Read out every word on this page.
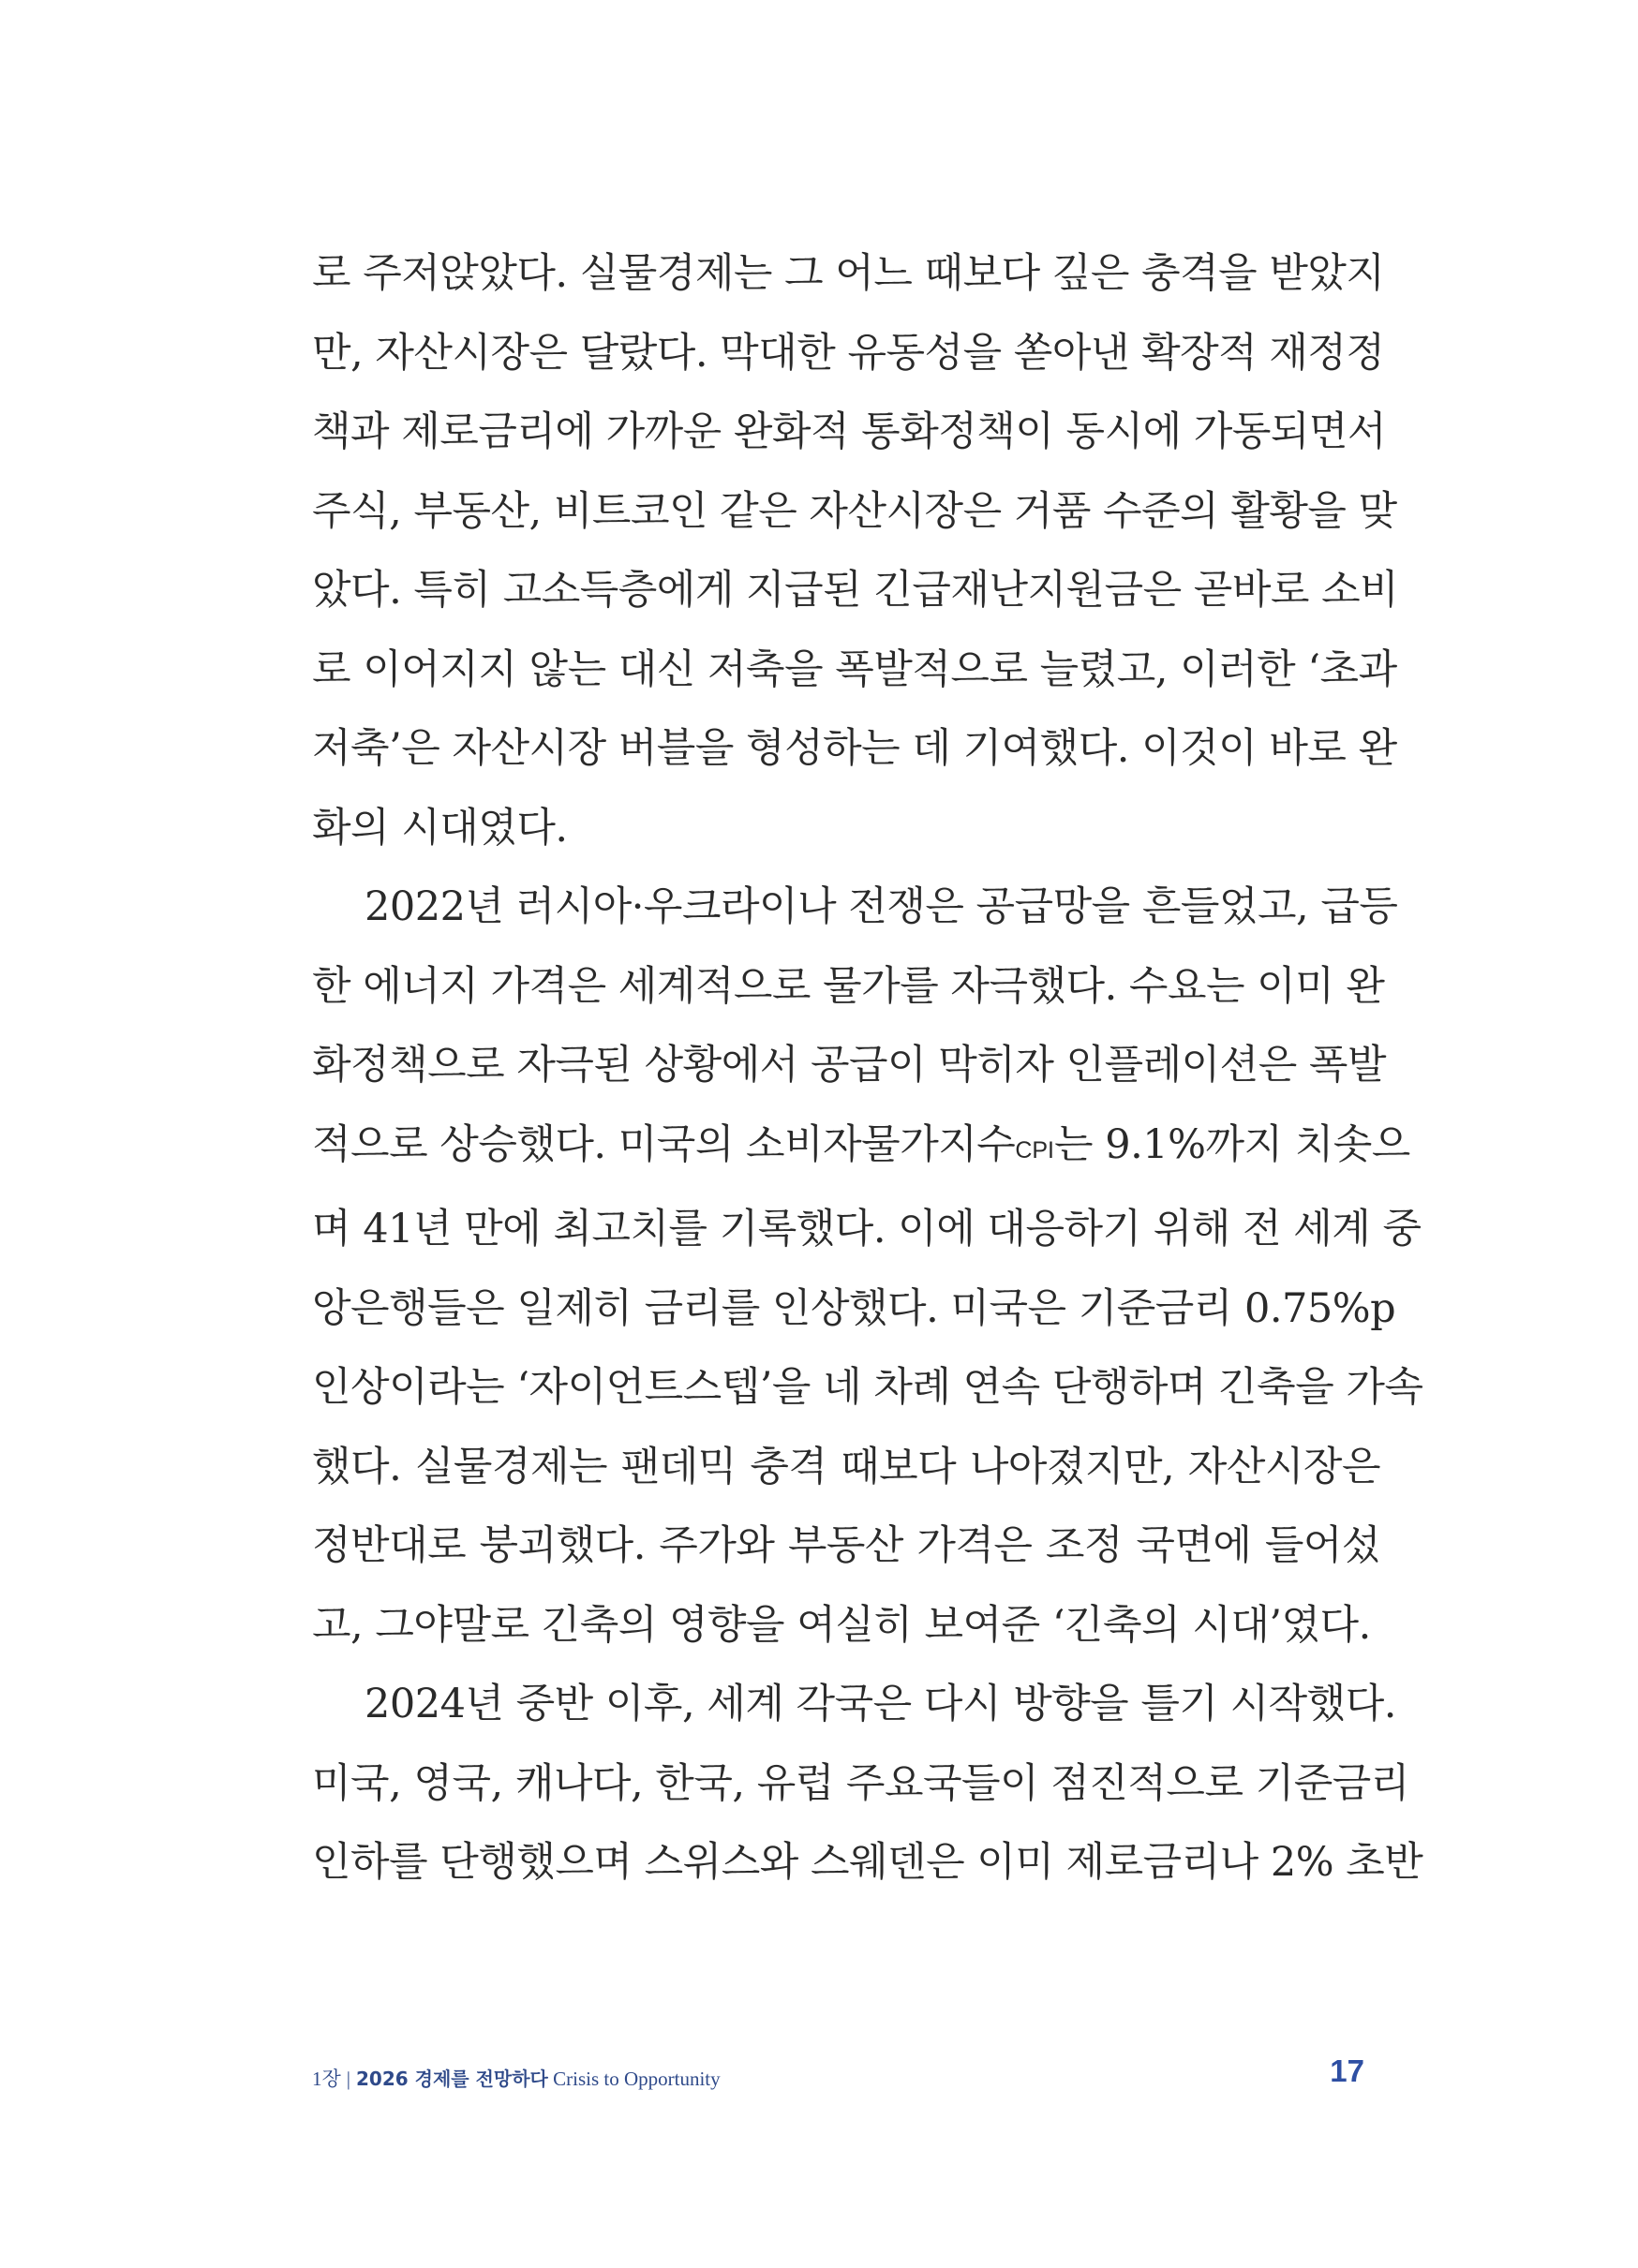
로 주저앉았다. 실물경제는 그 어느 때보다 깊은 충격을 받았지
만, 자산시장은 달랐다. 막대한 유동성을 쏟아낸 확장적 재정정
책과 제로금리에 가까운 완화적 통화정책이 동시에 가동되면서
주식, 부동산, 비트코인 같은 자산시장은 거품 수준의 활황을 맞
았다. 특히 고소득층에게 지급된 긴급재난지원금은 곧바로 소비
로 이어지지 않는 대신 저축을 폭발적으로 늘렸고, 이러한 ‘초과
저축’은 자산시장 버블을 형성하는 데 기여했다. 이것이 바로 완
화의 시대였다.
2022년 러시아·우크라이나 전쟁은 공급망을 흔들었고, 급등
한 에너지 가격은 세계적으로 물가를 자극했다. 수요는 이미 완
화정책으로 자극된 상황에서 공급이 막히자 인플레이션은 폭발
적으로 상승했다. 미국의 소비자물가지수CPI는 9.1%까지 치솟으
며 41년 만에 최고치를 기록했다. 이에 대응하기 위해 전 세계 중
앙은행들은 일제히 금리를 인상했다. 미국은 기준금리 0.75%p
인상이라는 ‘자이언트스텝’을 네 차례 연속 단행하며 긴축을 가속
했다. 실물경제는 팬데믹 충격 때보다 나아졌지만, 자산시장은
정반대로 붕괴했다. 주가와 부동산 가격은 조정 국면에 들어섰
고, 그야말로 긴축의 영향을 여실히 보여준 ‘긴축의 시대’였다.
2024년 중반 이후, 세계 각국은 다시 방향을 틀기 시작했다.
미국, 영국, 캐나다, 한국, 유럽 주요국들이 점진적으로 기준금리
인하를 단행했으며 스위스와 스웨덴은 이미 제로금리나 2% 초반
1장 | 2026 경제를 전망하다 Crisis to Opportunity	17
